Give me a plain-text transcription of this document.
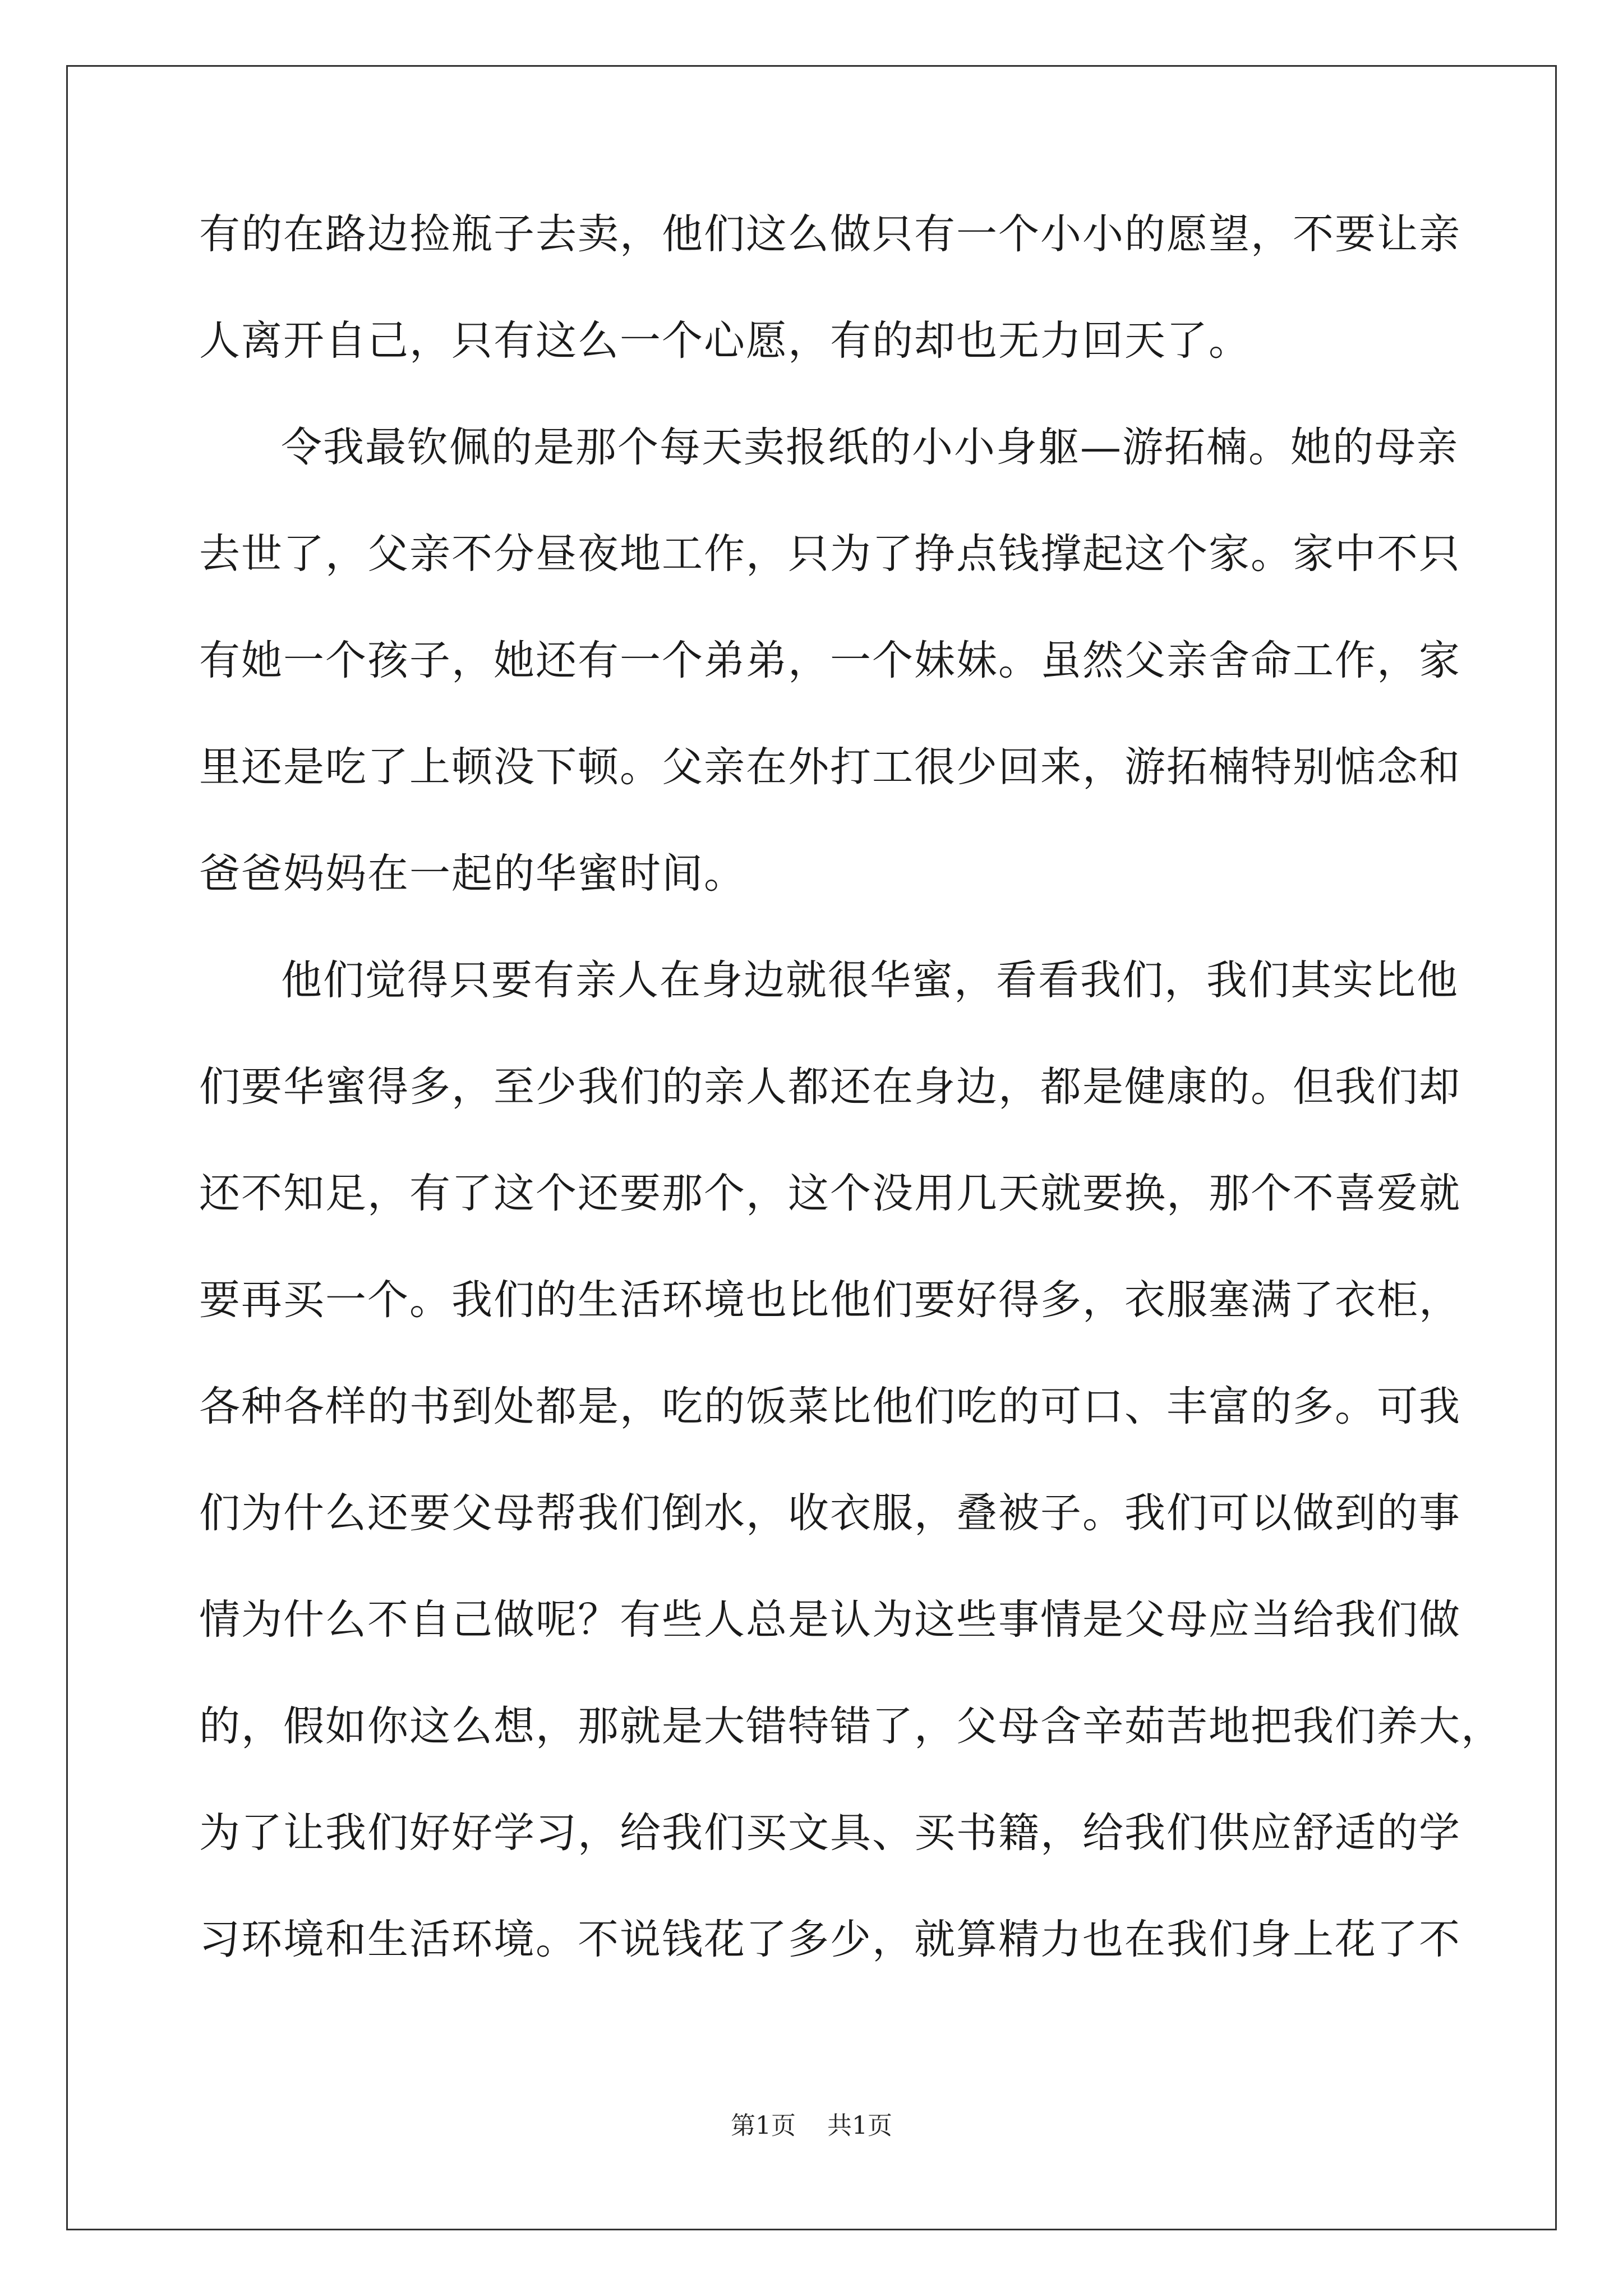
有的在路边捡瓶子去卖，他们这么做只有一个小小的愿望，不要让亲
人离开自己，只有这么一个心愿，有的却也无力回天了。
令我最钦佩的是那个每天卖报纸的小小身躯—游拓楠。她的母亲
去世了，父亲不分昼夜地工作，只为了挣点钱撑起这个家。家中不只
有她一个孩子，她还有一个弟弟，一个妹妹。虽然父亲舍命工作，家
里还是吃了上顿没下顿。父亲在外打工很少回来，游拓楠特别惦念和
爸爸妈妈在一起的华蜜时间。
他们觉得只要有亲人在身边就很华蜜，看看我们，我们其实比他
们要华蜜得多，至少我们的亲人都还在身边，都是健康的。但我们却
还不知足，有了这个还要那个，这个没用几天就要换，那个不喜爱就
要再买一个。我们的生活环境也比他们要好得多，衣服塞满了衣柜，
各种各样的书到处都是，吃的饭菜比他们吃的可口、丰富的多。可我
们为什么还要父母帮我们倒水，收衣服，叠被子。我们可以做到的事
情为什么不自己做呢？有些人总是认为这些事情是父母应当给我们做
的，假如你这么想，那就是大错特错了，父母含辛茹苦地把我们养大，
为了让我们好好学习，给我们买文具、买书籍，给我们供应舒适的学
习环境和生活环境。不说钱花了多少，就算精力也在我们身上花了不
第1页 共1页
